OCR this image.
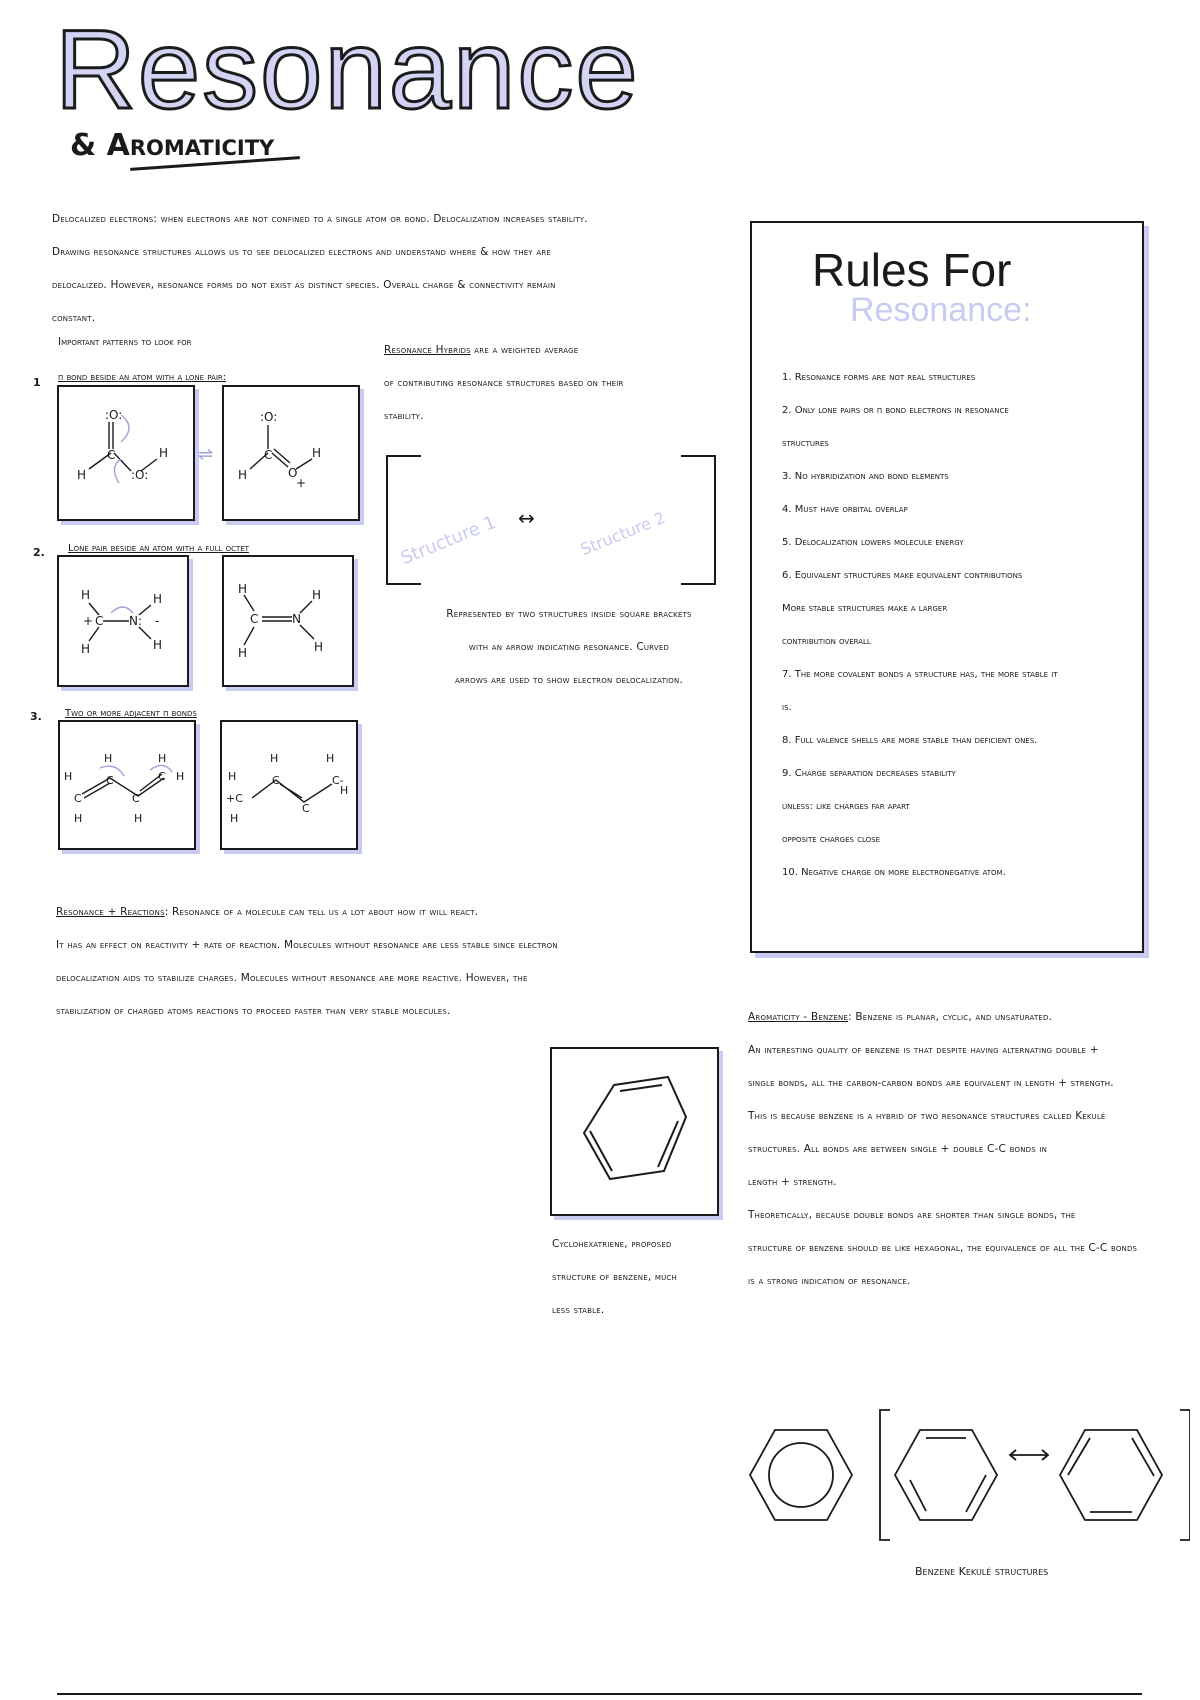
Resonance
& Aromaticity
Delocalized electrons: when electrons are not confined to a single atom or bond. Delocalization increases stability.
Drawing resonance structures allows us to see delocalized electrons and understand where & how they are
delocalized. However, resonance forms do not exist as distinct species. Overall charge & connectivity remain
constant.
Important patterns to look for
1 π bond beside an atom with a lone pair:
:O:
C
H	:O:
H ⇌
:O:
C
H	O
+
H
2. Lone pair beside an atom with a full octet
H
+ C
H
N:
H
H
-
H
C
H
N
H
H
3. Two or more adjacent π bonds
H
C
H
H
C
C
H
H
C H	H
+C
H
H
C
C
H
C-
H
Resonance Hybrids are a weighted average
of contributing resonance structures based on their
stability.
Structure 1	Structure 2
↔
Represented by two structures inside square brackets
with an arrow indicating resonance. Curved
arrows are used to show electron delocalization.
Rules For
Resonance:
1. Resonance forms are not real structures
2. Only lone pairs or π bond electrons in resonance
structures
3. No hybridization and bond elements
4. Must have orbital overlap
5. Delocalization lowers molecule energy
6. Equivalent structures make equivalent contributions
More stable structures make a larger
contribution overall
7. The more covalent bonds a structure has, the more stable it
is.
8. Full valence shells are more stable than deficient ones.
9. Charge separation decreases stability
unless: like charges far apart
opposite charges close
10. Negative charge on more electronegative atom.
Resonance + Reactions: Resonance of a molecule can tell us a lot about how it will react.
It has an effect on reactivity + rate of reaction. Molecules without resonance are less stable since electron
delocalization aids to stabilize charges. Molecules without resonance are more reactive. However, the
stabilization of charged atoms reactions to proceed faster than very stable molecules.
Cyclohexatriene, proposed
structure of benzene, much
less stable.
Aromaticity - Benzene: Benzene is planar, cyclic, and unsaturated.
An interesting quality of benzene is that despite having alternating double +
single bonds, all the carbon-carbon bonds are equivalent in length + strength.
This is because benzene is a hybrid of two resonance structures called Kekulé
structures. All bonds are between single + double C-C bonds in
length + strength.
Theoretically, because double bonds are shorter than single bonds, the
structure of benzene should be like hexagonal, the equivalence of all the C-C bonds
is a strong indication of resonance.
Benzene Kekulé structures
